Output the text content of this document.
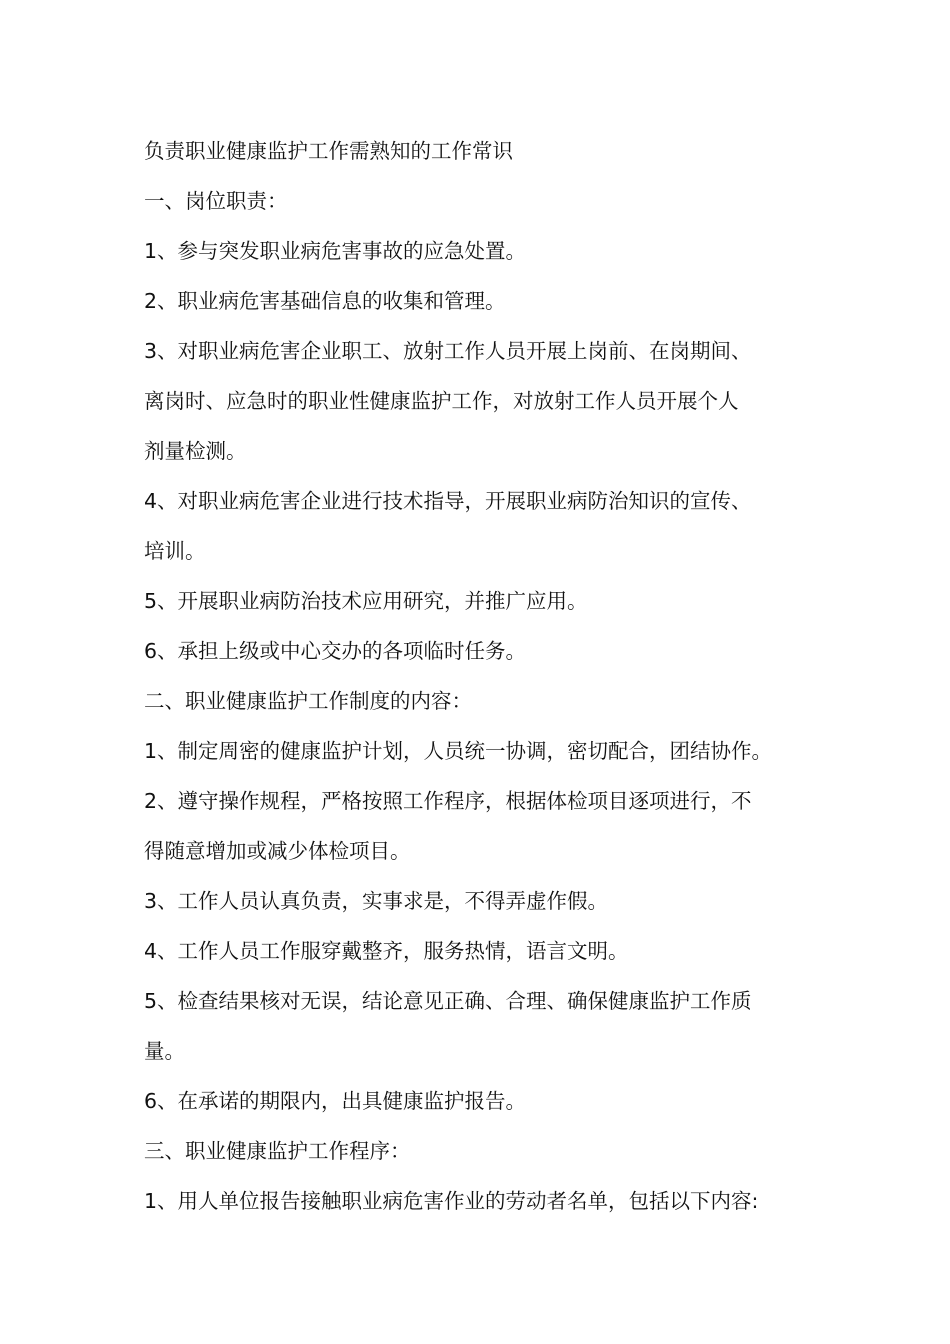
负责职业健康监护工作需熟知的工作常识
一、岗位职责：
1、参与突发职业病危害事故的应急处置。
2、职业病危害基础信息的收集和管理。
3、对职业病危害企业职工、放射工作人员开展上岗前、在岗期间、
离岗时、应急时的职业性健康监护工作，对放射工作人员开展个人
剂量检测。
4、对职业病危害企业进行技术指导，开展职业病防治知识的宣传、
培训。
5、开展职业病防治技术应用研究，并推广应用。
6、承担上级或中心交办的各项临时任务。
二、职业健康监护工作制度的内容：
1、制定周密的健康监护计划，人员统一协调，密切配合，团结协作。
2、遵守操作规程，严格按照工作程序，根据体检项目逐项进行，不
得随意增加或减少体检项目。
3、工作人员认真负责，实事求是，不得弄虚作假。
4、工作人员工作服穿戴整齐，服务热情，语言文明。
5、检查结果核对无误，结论意见正确、合理、确保健康监护工作质
量。
6、在承诺的期限内，出具健康监护报告。
三、职业健康监护工作程序：
1、用人单位报告接触职业病危害作业的劳动者名单，包括以下内容:
